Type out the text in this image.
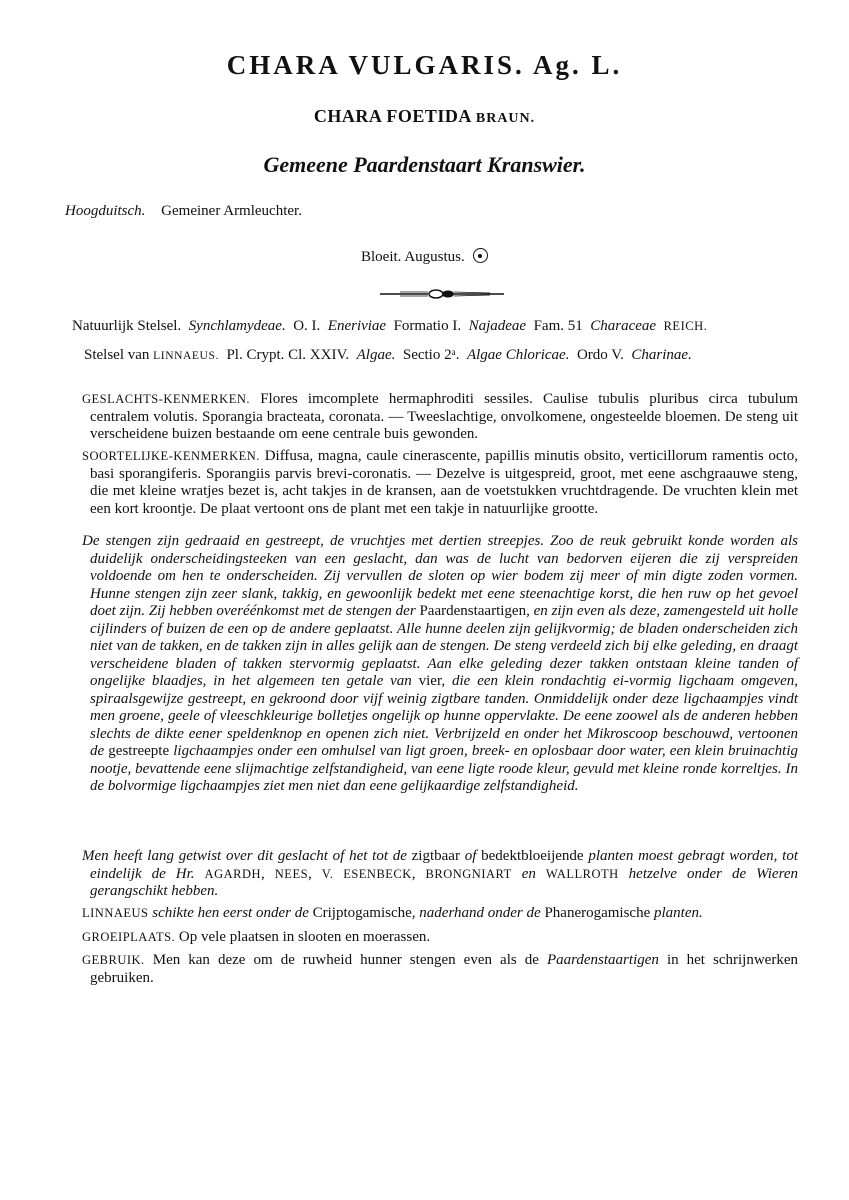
CHARA VULGARIS. Ag. L.
CHARA FOETIDA BRAUN.
Gemeene Paardenstaart Kranswier.
Hoogduitsch. Gemeiner Armleuchter.
Bloeit. Augustus.
Natuurlijk Stelsel. Synchlamydeae. O. I. Eneriviae Formatio I. Najadeae Fam. 51 Characeae REICH.
Stelsel van LINNAEUS. Pl. Crypt. Cl. XXIV. Algae. Sectio 2ᵃ. Algae Chloricae. Ordo V. Charinae.

GESLACHTS-KENMERKEN. Flores imcomplete hermaphroditi sessiles. Caulise tubulis pluribus circa tubulum centralem volutis. Sporangia bracteata, coronata. — Tweeslachtige, onvolkomene, ongesteelde bloemen. De steng uit verscheidene buizen bestaande om eene centrale buis gewonden.

SOORTELIJKE-KENMERKEN. Diffusa, magna, caule cinerascente, papillis minutis obsito, verticillorum ramentis octo, basi sporangiferis. Sporangiis parvis brevi-coronatis. — Dezelve is uitgespreid, groot, met eene aschgraauwe steng, die met kleine wratjes bezet is, acht takjes in de kransen, aan de voetstukken vruchtdragende. De vruchten klein met een kort kroontje. De plaat vertoont ons de plant met een takje in natuurlijke grootte.

De stengen zijn gedraaid en gestreept, de vruchtjes met dertien streepjes. Zoo de reuk gebruikt konde worden als duidelijk onderscheidingsteeken van een geslacht, dan was de lucht van bedorven eijeren die zij verspreiden voldoende om hen te onderscheiden. Zij vervullen de sloten op wier bodem zij meer of min digte zoden vormen. Hunne stengen zijn zeer slank, takkig, en gewoonlijk bedekt met eene steenachtige korst, die hen ruw op het gevoel doet zijn. Zij hebben overéénkomst met de stengen der Paardenstaartigen, en zijn even als deze, zamengesteld uit holle cijlinders of buizen de een op de andere geplaatst. Alle hunne deelen zijn gelijkvormig; de bladen onderscheiden zich niet van de takken, en de takken zijn in alles gelijk aan de stengen. De steng verdeeld zich bij elke geleding, en draagt verscheidene bladen of takken stervormig geplaatst. Aan elke geleding dezer takken ontstaan kleine tanden of ongelijke blaadjes, in het algemeen ten getale van vier, die een klein rondachtig ei-vormig ligchaam omgeven, spiraalsgewijze gestreept, en gekroond door vijf weinig zigtbare tanden. Onmiddelijk onder deze ligchaampjes vindt men groene, geele of vleeschkleurige bolletjes ongelijk op hunne oppervlakte. De eene zoowel als de anderen hebben slechts de dikte eener speldenknop en openen zich niet. Verbrijzeld en onder het Mikroscoop beschouwd, vertoonen de gestreepte ligchaampjes onder een omhulsel van ligt groen, breek- en oplosbaar door water, een klein bruinachtig nootje, bevattende eene slijmachtige zelfstandigheid, van eene ligte roode kleur, gevuld met kleine ronde korreltjes. In de bolvormige ligchaampjes ziet men niet dan eene gelijkaardige zelfstandigheid.

Men heeft lang getwist over dit geslacht of het tot de zigtbaar of bedektbloeijende planten moest gebragt worden, tot eindelijk de Hr. AGARDH, NEES, V. ESENBECK, BRONGNIART en WALLROTH hetzelve onder de Wieren gerangschikt hebben.

LINNAEUS schikte hen eerst onder de Crijptogamische, naderhand onder de Phanerogamische planten.

GROEIPLAATS. Op vele plaatsen in slooten en moerassen.

GEBRUIK. Men kan deze om de ruwheid hunner stengen even als de Paardenstaartigen in het schrijnwerken gebruiken.
